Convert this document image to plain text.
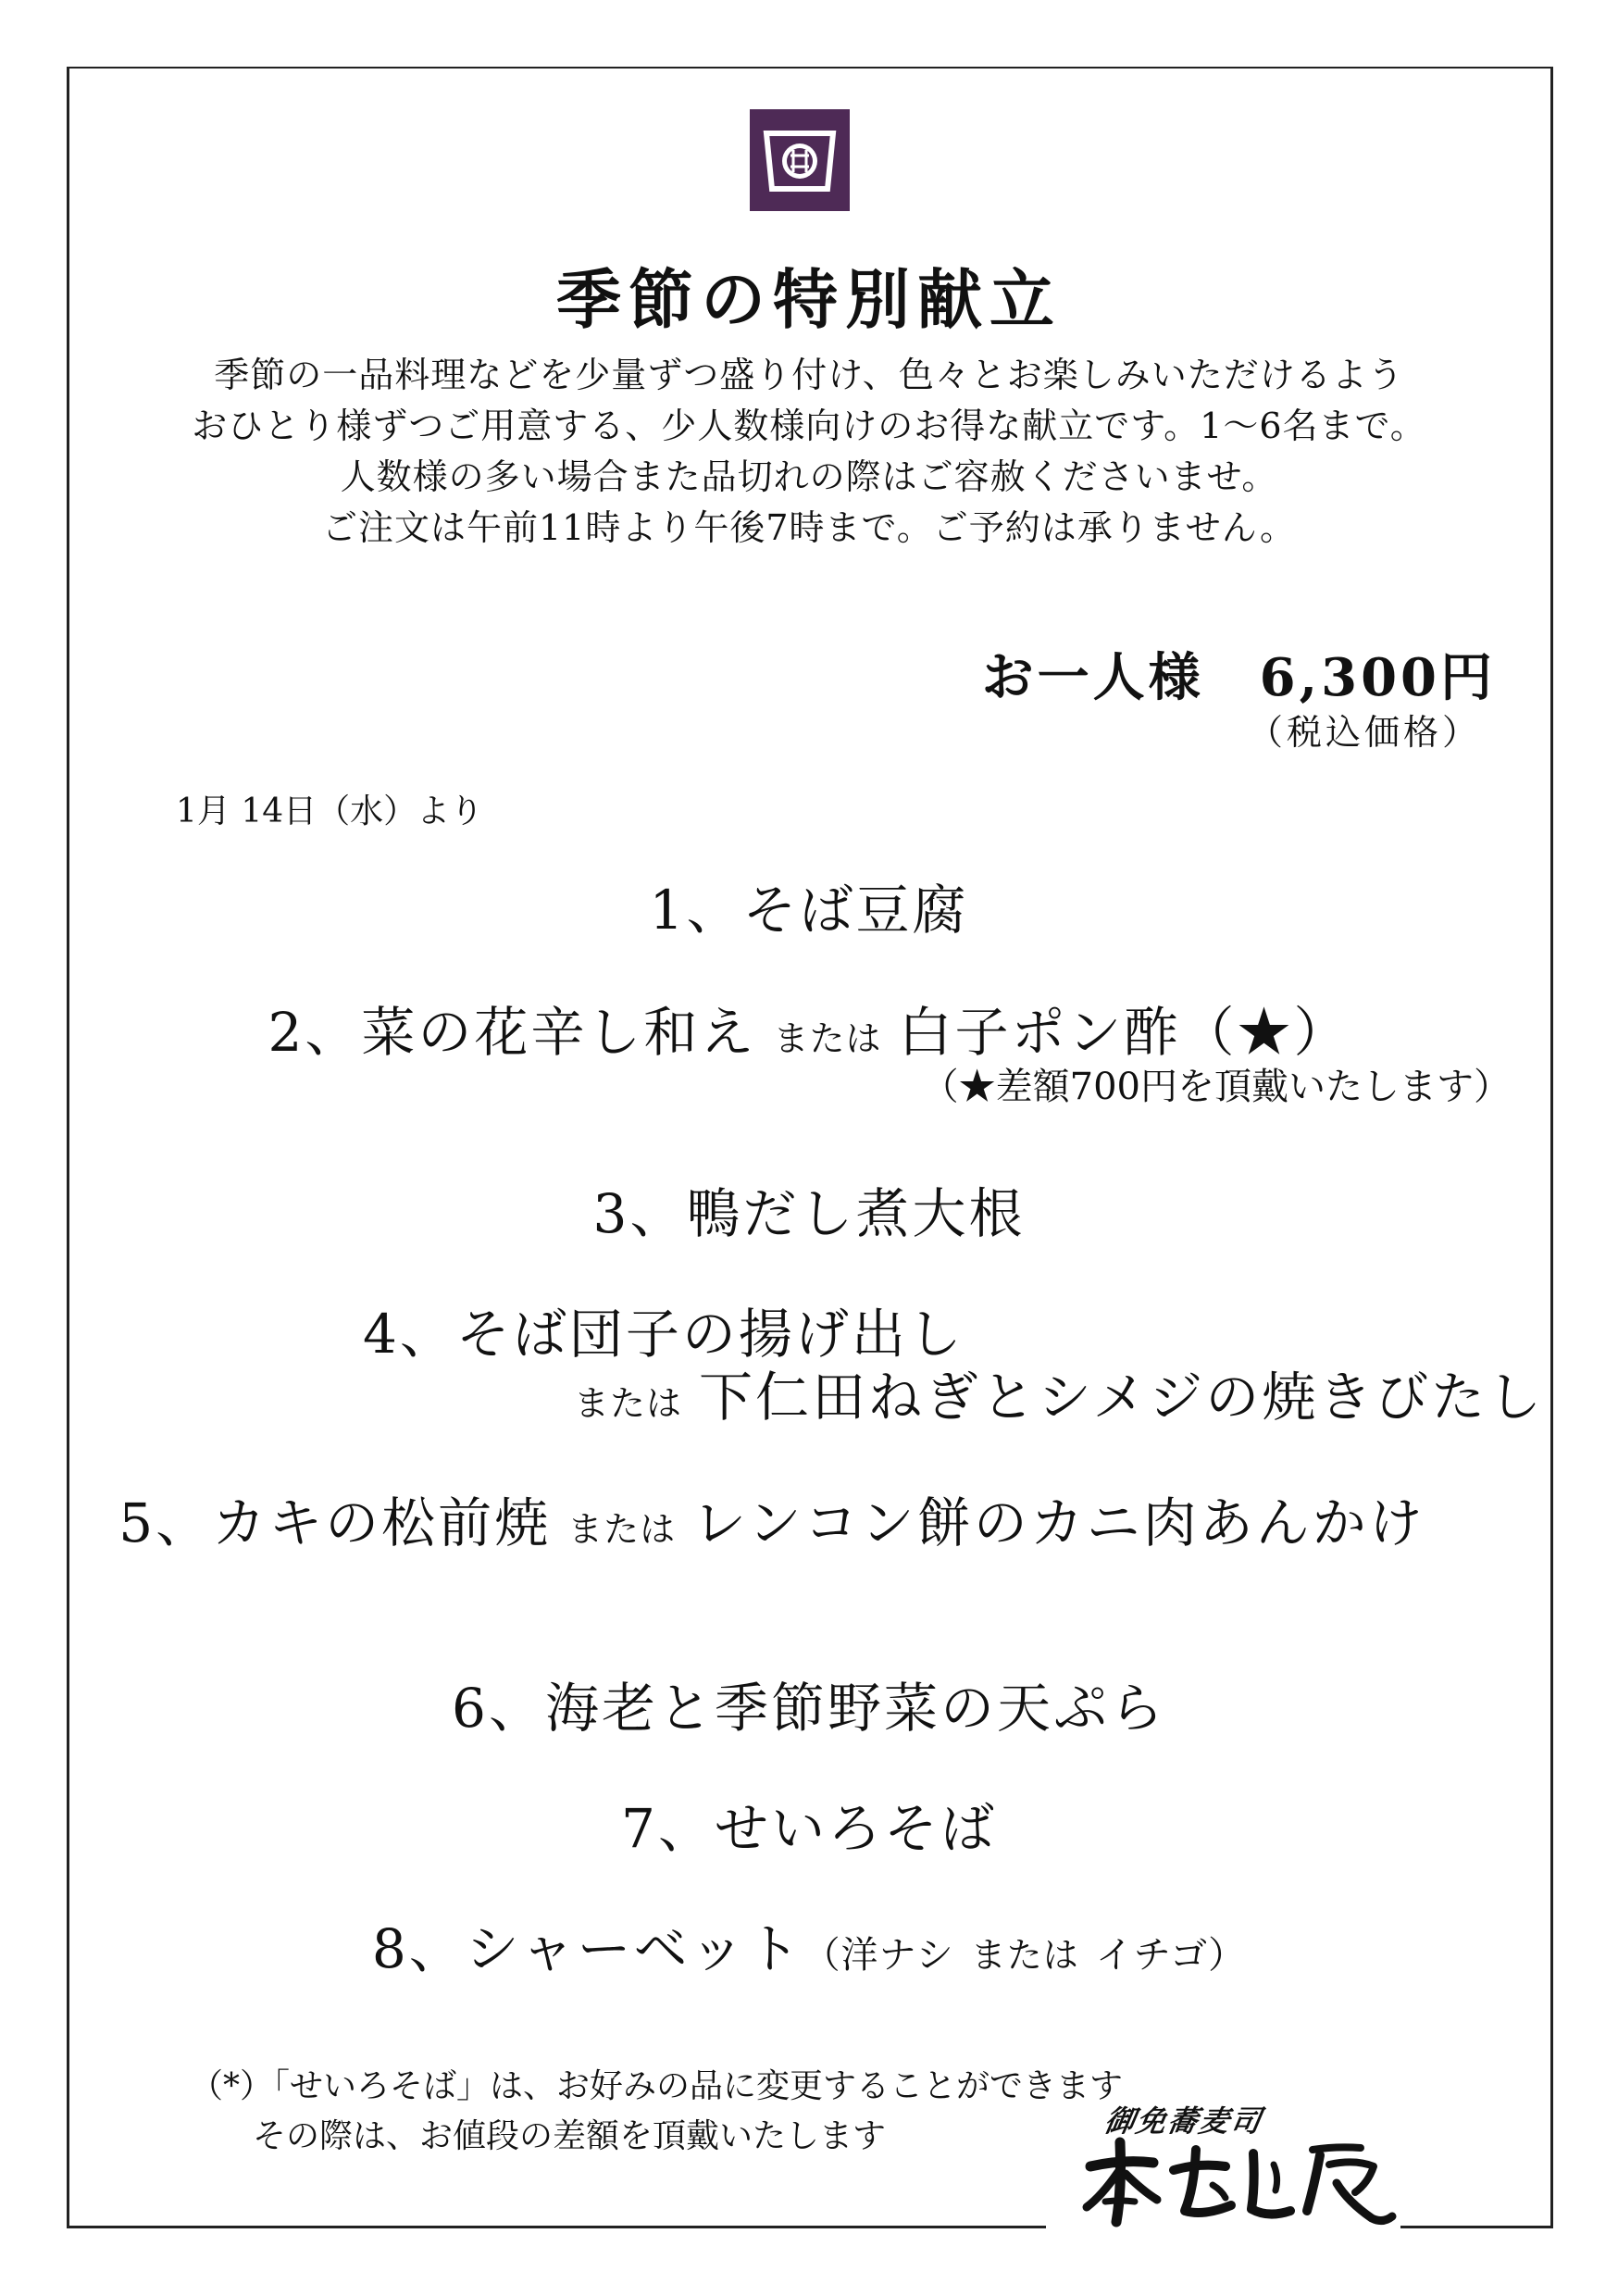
季節の特別献立
季節の一品料理などを少量ずつ盛り付け、色々とお楽しみいただけるよう
おひとり様ずつご用意する、少人数様向けのお得な献立です。1～6名まで。
人数様の多い場合また品切れの際はご容赦くださいませ。
ご注文は午前11時より午後7時まで。ご予約は承りません。
お一人様 6,300円
（税込価格）
1月 14日（水）より
1、そば豆腐
2、菜の花辛し和え または 白子ポン酢（★）
（★差額700円を頂戴いたします）
3、鴨だし煮大根
4、そば団子の揚げ出し
または 下仁田ねぎとシメジの焼きびたし
5、カキの松前焼 または レンコン餅のカニ肉あんかけ
6、海老と季節野菜の天ぷら
7、せいろそば
8、シャーベット（洋ナシ または イチゴ）
（*）「せいろそば」は、お好みの品に変更することができます
その際は、お値段の差額を頂戴いたします	御免蕎麦司
